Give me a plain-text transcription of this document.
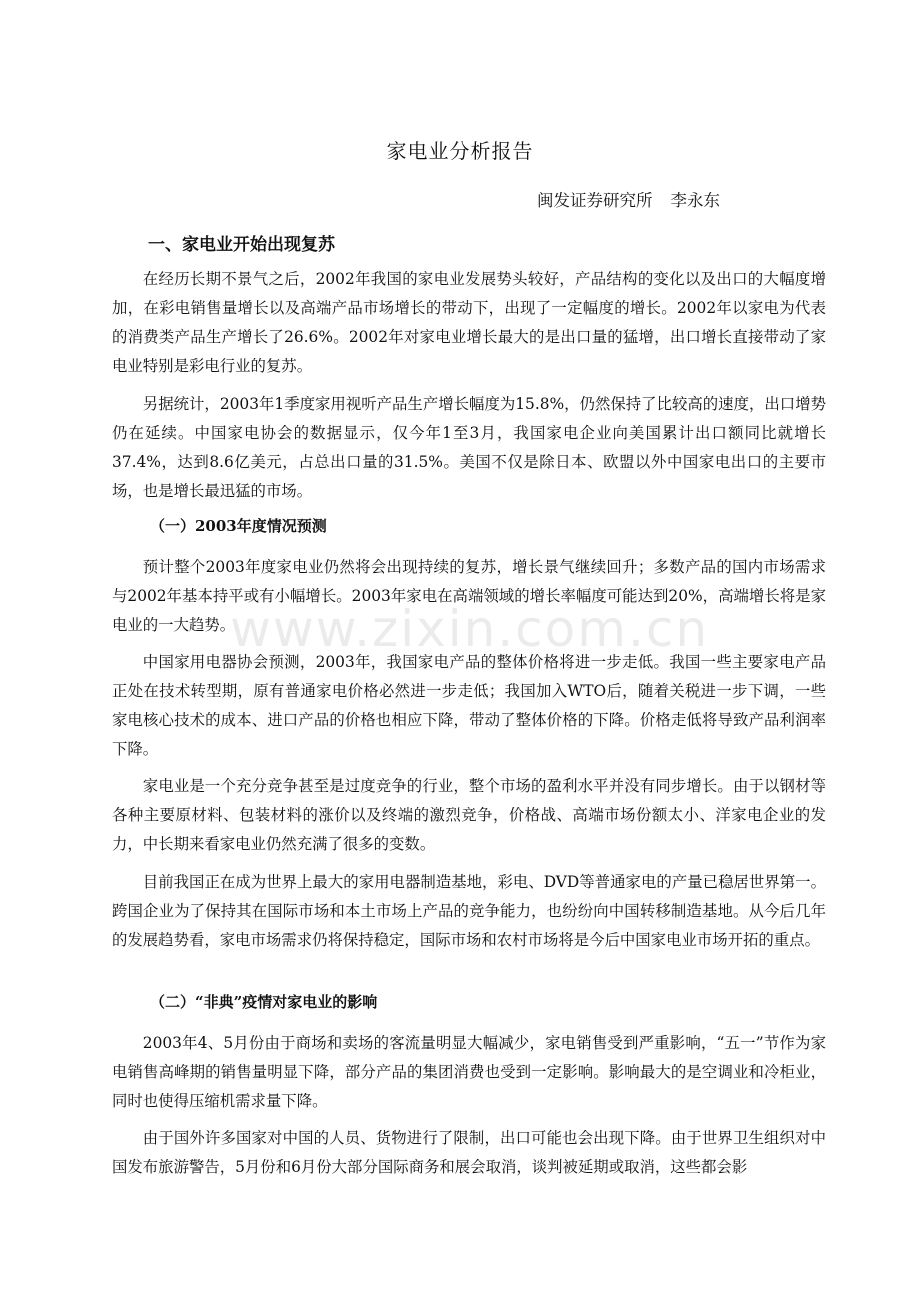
www.zixin.com.cn
家电业分析报告
闽发证券研究所 李永东
一、家电业开始出现复苏

在经历长期不景气之后，2002年我国的家电业发展势头较好，产品结构的变化以及出口的大幅度增加，在彩电销售量增长以及高端产品市场增长的带动下，出现了一定幅度的增长。2002年以家电为代表的消费类产品生产增长了26.6%。2002年对家电业增长最大的是出口量的猛增，出口增长直接带动了家电业特别是彩电行业的复苏。

另据统计，2003年1季度家用视听产品生产增长幅度为15.8%，仍然保持了比较高的速度，出口增势仍在延续。中国家电协会的数据显示，仅今年1至3月，我国家电企业向美国累计出口额同比就增长37.4%，达到8.6亿美元，占总出口量的31.5%。美国不仅是除日本、欧盟以外中国家电出口的主要市场，也是增长最迅猛的市场。

（一）2003年度情况预测

预计整个2003年度家电业仍然将会出现持续的复苏，增长景气继续回升；多数产品的国内市场需求与2002年基本持平或有小幅增长。2003年家电在高端领域的增长率幅度可能达到20%，高端增长将是家电业的一大趋势。

中国家用电器协会预测，2003年，我国家电产品的整体价格将进一步走低。我国一些主要家电产品正处在技术转型期，原有普通家电价格必然进一步走低；我国加入WTO后，随着关税进一步下调，一些家电核心技术的成本、进口产品的价格也相应下降，带动了整体价格的下降。价格走低将导致产品利润率下降。

家电业是一个充分竞争甚至是过度竞争的行业，整个市场的盈利水平并没有同步增长。由于以钢材等各种主要原材料、包装材料的涨价以及终端的激烈竞争，价格战、高端市场份额太小、洋家电企业的发力，中长期来看家电业仍然充满了很多的变数。

目前我国正在成为世界上最大的家用电器制造基地，彩电、DVD等普通家电的产量已稳居世界第一。跨国企业为了保持其在国际市场和本土市场上产品的竞争能力，也纷纷向中国转移制造基地。从今后几年的发展趋势看，家电市场需求仍将保持稳定，国际市场和农村市场将是今后中国家电业市场开拓的重点。

（二）“非典”疫情对家电业的影响

2003年4、5月份由于商场和卖场的客流量明显大幅减少，家电销售受到严重影响，“五一”节作为家电销售高峰期的销售量明显下降，部分产品的集团消费也受到一定影响。影响最大的是空调业和冷柜业，同时也使得压缩机需求量下降。

由于国外许多国家对中国的人员、货物进行了限制，出口可能也会出现下降。由于世界卫生组织对中国发布旅游警告，5月份和6月份大部分国际商务和展会取消，谈判被延期或取消，这些都会影
